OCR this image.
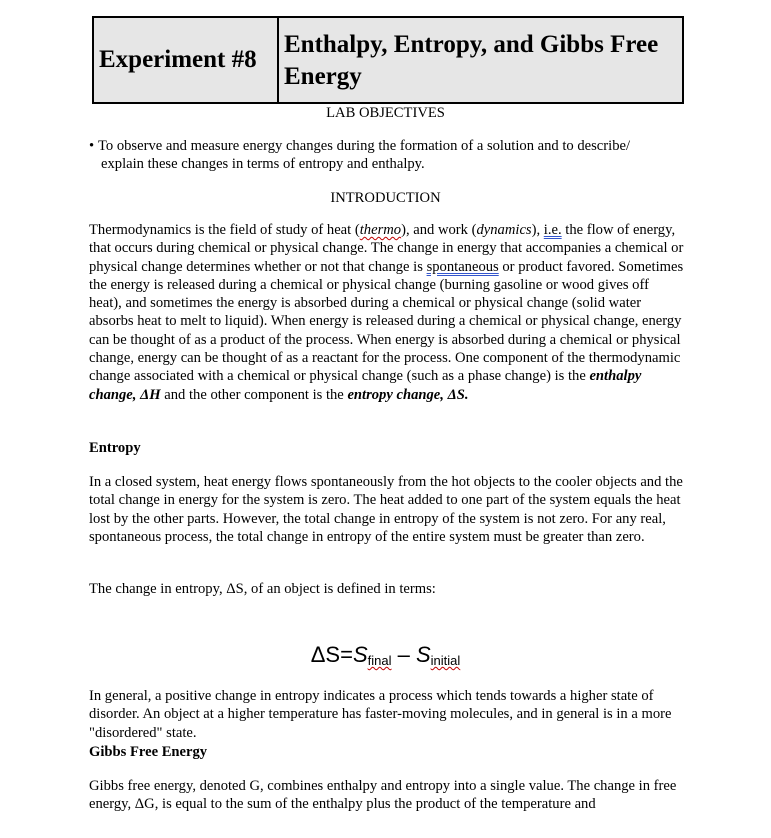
Experiment #8
Enthalpy, Entropy, and Gibbs Free Energy
LAB OBJECTIVES
• To observe and measure energy changes during the formation of a solution and to describe/
explain these changes in terms of entropy and enthalpy.
INTRODUCTION
Thermodynamics is the field of study of heat (thermo), and work (dynamics), i.e. the flow of energy, that occurs during chemical or physical change. The change in energy that accompanies a chemical or physical change determines whether or not that change is spontaneous or product favored. Sometimes the energy is released during a chemical or physical change (burning gasoline or wood gives off heat), and sometimes the energy is absorbed during a chemical or physical change (solid water absorbs heat to melt to liquid). When energy is released during a chemical or physical change, energy can be thought of as a product of the process. When energy is absorbed during a chemical or physical change, energy can be thought of as a reactant for the process. One component of the thermodynamic change associated with a chemical or physical change (such as a phase change) is the enthalpy change, ΔH and the other component is the entropy change, ΔS.
Entropy
In a closed system, heat energy flows spontaneously from the hot objects to the cooler objects and the total change in energy for the system is zero. The heat added to one part of the system equals the heat lost by the other parts. However, the total change in entropy of the system is not zero. For any real, spontaneous process, the total change in entropy of the entire system must be greater than zero.
The change in entropy, ΔS, of an object is defined in terms:
$\Delta S=S_{final} - S_{initial}$
In general, a positive change in entropy indicates a process which tends towards a higher state of disorder. An object at a higher temperature has faster-moving molecules, and in general is in a more "disordered" state.
Gibbs Free Energy
Gibbs free energy, denoted G, combines enthalpy and entropy into a single value. The change in free energy, ΔG, is equal to the sum of the enthalpy plus the product of the temperature and
